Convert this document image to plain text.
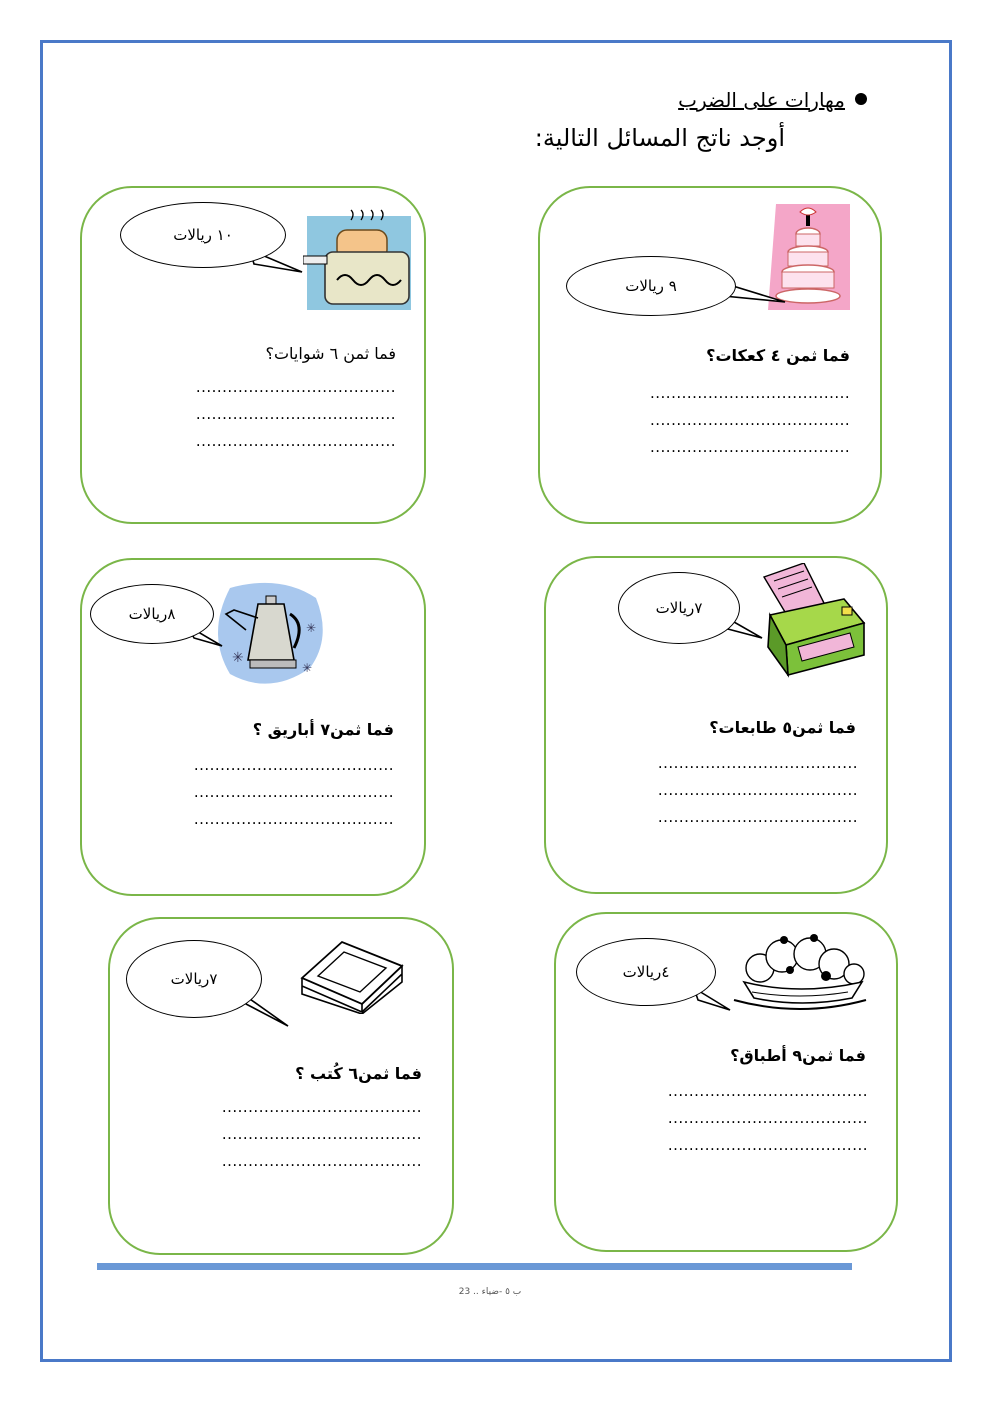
مهارات على الضرب
أوجد ناتج المسائل التالية:
٩ ريالات
فما ثمن ٤ كعكات؟
......................................
......................................
......................................
١٠ ريالات
فما ثمن ٦ شوايات؟
......................................
......................................
......................................
٧ريالات
فما ثمن٥ طابعات؟
......................................
......................................
......................................
✳
✳
✳
٨ريالات
فما ثمن٧ أباريق ؟
......................................
......................................
......................................
٤ريالات
فما ثمن٩ أطباق؟
......................................
......................................
......................................
٧ريالات
فما ثمن٦ كُتب ؟
......................................
......................................
......................................
ب ٥ -ضياء .. 23
